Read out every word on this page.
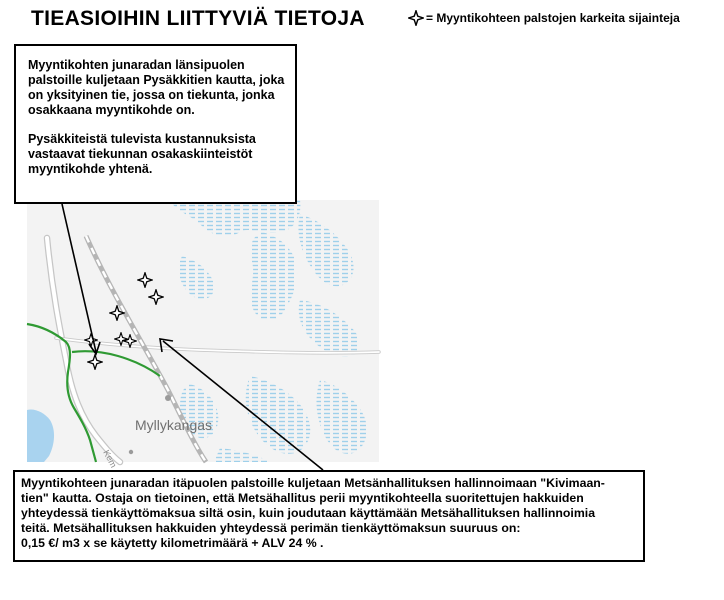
Myllykangas
Kem
TIEASIOIHIN LIITTYVIÄ TIETOJA	= Myyntikohteen palstojen karkeita sijainteja

Myyntikohten junaradan länsipuolen palstoille kuljetaan Pysäkkitien kautta, joka on yksityinen tie, jossa on tiekunta, jonka osakkaana myyntikohde on.

Pysäkkiteistä tulevista kustannuksista vastaavat tiekunnan osakaskiinteistöt myyntikohde yhtenä.

Myyntikohteen junaradan itäpuolen palstoille kuljetaan Metsänhallituksen hallinnoimaan "Kivimaan-
tien" kautta. Ostaja on tietoinen, että Metsähallitus perii myyntikohteella suoritettujen hakkuiden
yhteydessä tienkäyttömaksua siltä osin, kuin joudutaan käyttämään Metsähallituksen hallinnoimia
teitä. Metsähallituksen hakkuiden yhteydessä perimän tienkäyttömaksun suuruus on:
0,15 €/ m3 x se käytetty kilometrimäärä + ALV 24 % .
